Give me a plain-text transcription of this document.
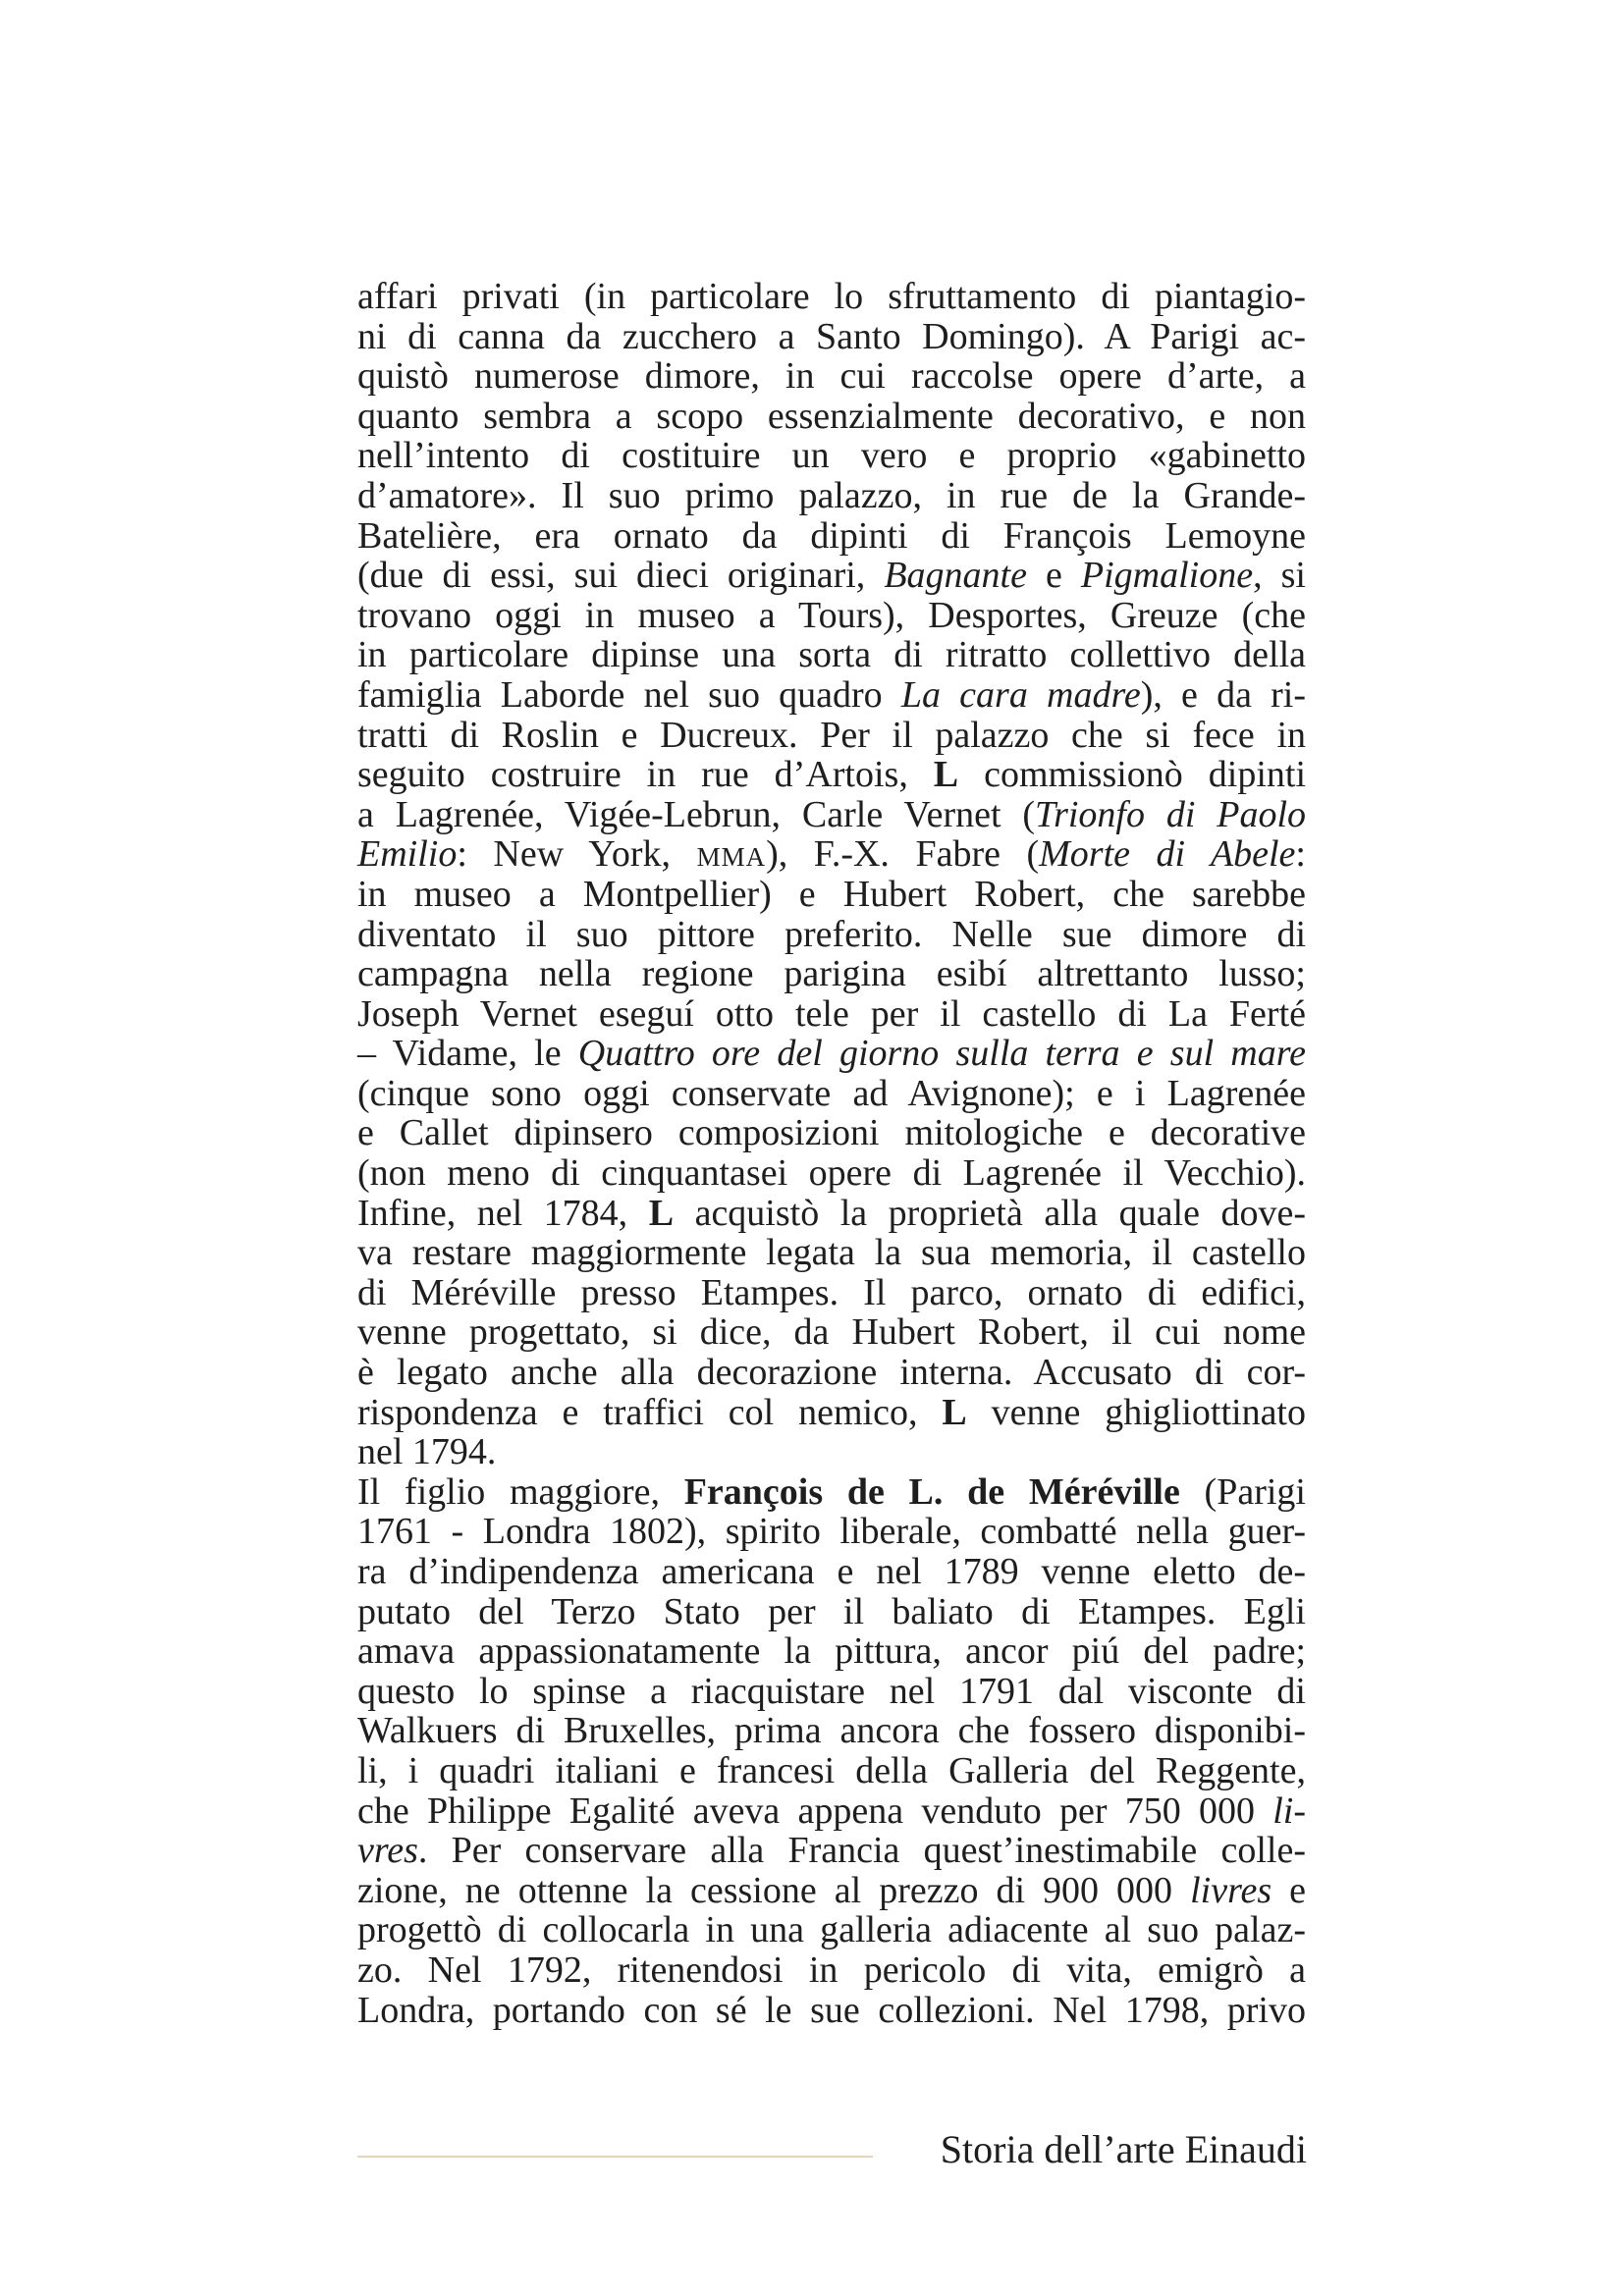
affari privati (in particolare lo sfruttamento di piantagio-
ni di canna da zucchero a Santo Domingo). A Parigi ac-
quistò numerose dimore, in cui raccolse opere d’arte, a
quanto sembra a scopo essenzialmente decorativo, e non
nell’intento di costituire un vero e proprio «gabinetto
d’amatore». Il suo primo palazzo, in rue de la Grande-
Batelière, era ornato da dipinti di François Lemoyne
(due di essi, sui dieci originari, Bagnante e Pigmalione, si
trovano oggi in museo a Tours), Desportes, Greuze (che
in particolare dipinse una sorta di ritratto collettivo della
famiglia Laborde nel suo quadro La cara madre), e da ri-
tratti di Roslin e Ducreux. Per il palazzo che si fece in
seguito costruire in rue d’Artois, L commissionò dipinti
a Lagrenée, Vigée-Lebrun, Carle Vernet (Trionfo di Paolo
Emilio: New York, mma), F.-X. Fabre (Morte di Abele:
in museo a Montpellier) e Hubert Robert, che sarebbe
diventato il suo pittore preferito. Nelle sue dimore di
campagna nella regione parigina esibí altrettanto lusso;
Joseph Vernet eseguí otto tele per il castello di La Ferté
– Vidame, le Quattro ore del giorno sulla terra e sul mare
(cinque sono oggi conservate ad Avignone); e i Lagrenée
e Callet dipinsero composizioni mitologiche e decorative
(non meno di cinquantasei opere di Lagrenée il Vecchio).
Infine, nel 1784, L acquistò la proprietà alla quale dove-
va restare maggiormente legata la sua memoria, il castello
di Méréville presso Etampes. Il parco, ornato di edifici,
venne progettato, si dice, da Hubert Robert, il cui nome
è legato anche alla decorazione interna. Accusato di cor-
rispondenza e traffici col nemico, L venne ghigliottinato
nel 1794.
Il figlio maggiore, François de L. de Méréville (Parigi
1761 - Londra 1802), spirito liberale, combatté nella guer-
ra d’indipendenza americana e nel 1789 venne eletto de-
putato del Terzo Stato per il baliato di Etampes. Egli
amava appassionatamente la pittura, ancor piú del padre;
questo lo spinse a riacquistare nel 1791 dal visconte di
Walkuers di Bruxelles, prima ancora che fossero disponibi-
li, i quadri italiani e francesi della Galleria del Reggente,
che Philippe Egalité aveva appena venduto per 750 000 li-
vres. Per conservare alla Francia quest’inestimabile colle-
zione, ne ottenne la cessione al prezzo di 900 000 livres e
progettò di collocarla in una galleria adiacente al suo palaz-
zo. Nel 1792, ritenendosi in pericolo di vita, emigrò a
Londra, portando con sé le sue collezioni. Nel 1798, privo
Storia dell’arte Einaudi
